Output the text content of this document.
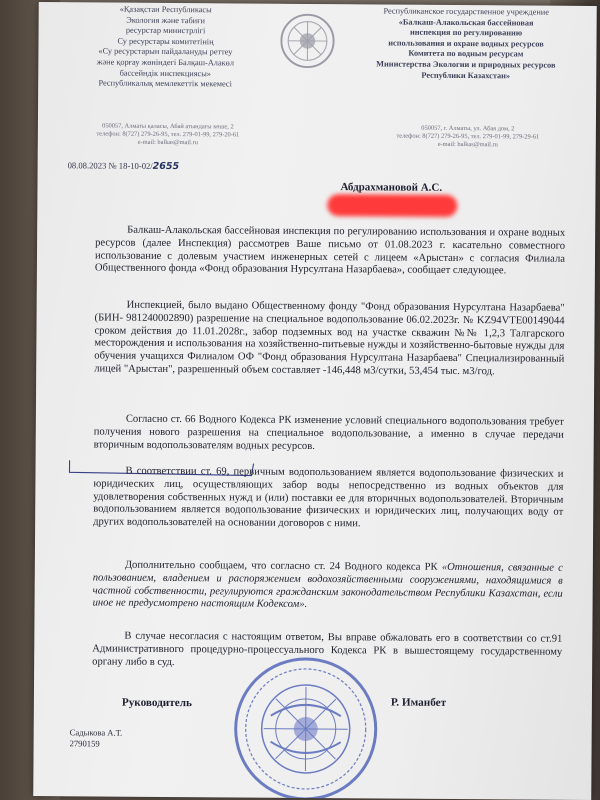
«Қазақстан Республикасы
Экология және табиғи
ресурстар министрлігі
Су ресурстары комитетінің
«Су ресурстарын пайдалануды реттеу
және қорғау жөніндегі Балқаш-Алакөл
бассейндік инспекциясы»
Республикалық мемлекеттік мекемесі
Республиканское государственное учреждение
«Балкаш-Алакольская бассейновая
инспекция по регулированию
использования и охране водных ресурсов
Комитета по водным ресурсам
Министерства Экологии и природных ресурсов
Республики Казахстан»
050057, Алматы қаласы, Абай атындағы көше, 2
телефон: 8(727) 279-26-95, тел. 279-01-99, 279-20-61
e-mail: balkas@mail.ru
050057, г. Алматы, ул. Абая дом, 2
телефон: 8(727) 279-26-95, тел. 279-01-99, 279-29-61
e-mail: balkas@mail.ru
08.08.2023 № 18-10-02/2655
Абдрахмановой А.С.
Балкаш-Алакольская бассейновая инспекция по регулированию использования и охране водных ресурсов (далее Инспекция) рассмотрев Ваше письмо от 01.08.2023 г. касательно совместного использование с долевым участием инженерных сетей с лицеем «Арыстан» с согласия Филиала Общественного фонда «Фонд образования Нурсултана Назарбаева», сообщает следующее.
Инспекцией, было выдано Общественному фонду "Фонд образования Нурсултана Назарбаева" (БИН- 981240002890) разрешение на специальное водопользование 06.02.2023г. № KZ94VTE00149044 сроком действия до 11.01.2028г., забор подземных вод на участке скважин №№ 1,2,3 Талгарского месторождения и использования на хозяйственно-питьевые нужды и хозяйственно-бытовые нужды для обучения учащихся Филиалом ОФ "Фонд образования Нурсултана Назарбаева" Специализированный лицей "Арыстан", разрешенный объем составляет -146,448 м3/сутки, 53,454 тыс. м3/год.
Согласно ст. 66 Водного Кодекса РК изменение условий специального водопользования требует получения нового разрешения на специальное водопользование, а именно в случае передачи вторичным водопользователям водных ресурсов.
В соответствии ст. 69, первичным водопользованием является водопользование физических и юридических лиц, осуществляющих забор воды непосредственно из водных объектов для удовлетворения собственных нужд и (или) поставки ее для вторичных водопользователей. Вторичным водопользованием является водопользование физических и юридических лиц, получающих воду от других водопользователей на основании договоров с ними.
Дополнительно сообщаем, что согласно ст. 24 Водного кодекса РК «Отношения, связанные с пользованием, владением и распоряжением водохозяйственными сооружениями, находящимися в частной собственности, регулируются гражданским законодательством Республики Казахстан, если иное не предусмотрено настоящим Кодексом».
В случае несогласия с настоящим ответом, Вы вправе обжаловать его в соответствии со ст.91 Административного процедурно-процессуального Кодекса РК в вышестоящему государственному органу либо в суд.
Руководитель	Р. Иманбет
Садыкова А.Т.
2790159
